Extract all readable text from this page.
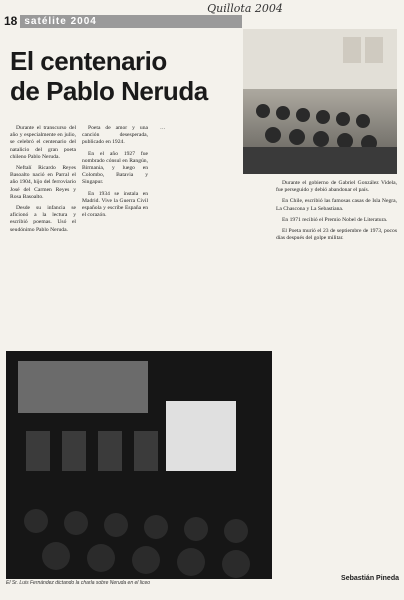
Quillota 2004
18 satélite 2004
El centenario
de Pablo Neruda

Durante el transcurso del año y especialmente en julio, se celebró el centenario del natalicio del gran poeta chileno Pablo Neruda.

Neftalí Ricardo Reyes Basoalto nació en Parral el año 1904, hijo del ferroviario José del Carmen Reyes y Rosa Basoalto.

Desde su infancia se aficionó a la lectura y escribió poemas. Usó el seudónimo Pablo Neruda.

Poeta de amor y una canción desesperada, publicado en 1924.

En el año 1927 fue nombrado cónsul en Rangún, Birmania, y luego en Colombo, Batavia y Singapur.

En 1934 se instala en Madrid. Vive la Guerra Civil española y escribe España en el corazón.

…

Durante el gobierno de Gabriel González Videla, fue perseguido y debió abandonar el país.

En Chile, escribió las famosas casas de Isla Negra, La Chascona y La Sebastiana.

En 1971 recibió el Premio Nobel de Literatura.

El Poeta murió el 23 de septiembre de 1973, pocos días después del golpe militar.

El Sr. Luis Fernández dictando la charla sobre Neruda en el liceo
Sebastián Pineda
